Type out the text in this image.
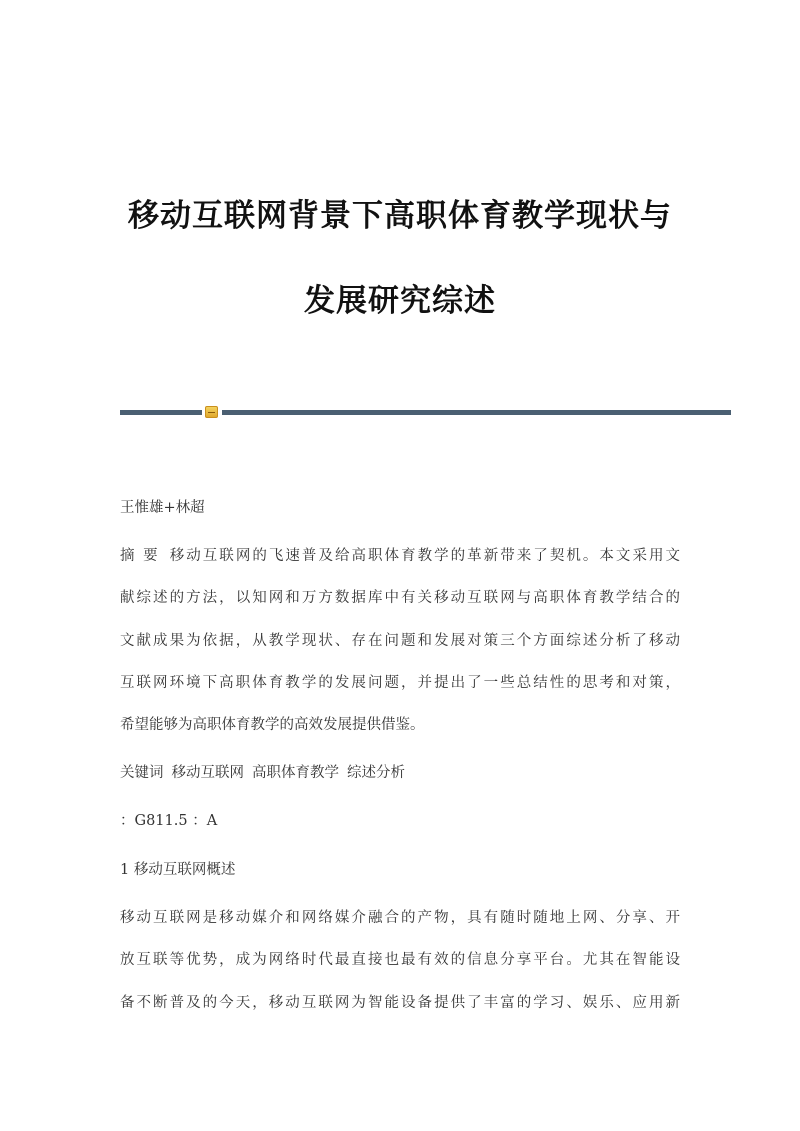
移动互联网背景下高职体育教学现状与
发展研究综述

王惟雄+林超

摘 要 移动互联网的飞速普及给高职体育教学的革新带来了契机。本文采用文

献综述的方法，以知网和万方数据库中有关移动互联网与高职体育教学结合的

文献成果为依据，从教学现状、存在问题和发展对策三个方面综述分析了移动

互联网环境下高职体育教学的发展问题，并提出了一些总结性的思考和对策，

希望能够为高职体育教学的高效发展提供借鉴。

关键词 移动互联网 高职体育教学 综述分析

：G811.5 ：A

1 移动互联网概述

移动互联网是移动媒介和网络媒介融合的产物，具有随时随地上网、分享、开

放互联等优势，成为网络时代最直接也最有效的信息分享平台。尤其在智能设

备不断普及的今天，移动互联网为智能设备提供了丰富的学习、娱乐、应用新
